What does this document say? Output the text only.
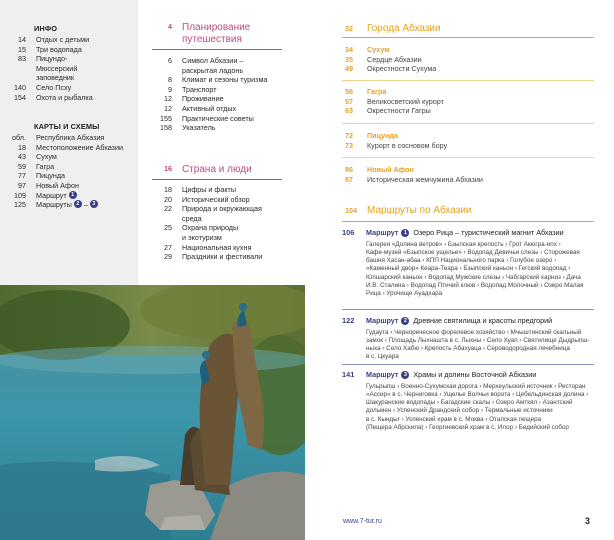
ИНФО
14 Отдых с детьми
15 Три водопада
83 Пицундо-Мюссерский заповедник
140 Село Псху
154 Охота и рыбалка
КАРТЫ И СХЕМЫ
обл. Республика Абхазия
18 Местоположение Абхазии
43 Сухум
59 Гагра
77 Пицунда
97 Новый Афон
109 Маршрут
1
125 Маршруты
2
–
3
4 Планирование
путешествия
6 Символ Абхазии –
раскрытая ладонь
8 Климат и сезоны туризма
9 Транспорт
12 Проживание
12 Активный отдых
155 Практические советы
158 Указатель
16 Страна и люди
18 Цифры и факты
20 Исторический обзор
22 Природа и окружающая
среда
25 Охрана природы
и экотуризм
27 Национальная кухня
29 Праздники и фестивали
32 Города Абхазии
34 Сухум
35 Сердце Абхазии
49 Окрестности Сухума
56 Гагра
57 Великосветский курорт
63 Окрестности Гагры
72 Пицунда
73 Курорт в сосновом бору
86 Новый Афон
87 Историческая жемчужина Абхазии
104 Маршруты по Абхазии
106	Маршрут 1 Озеро Рица – туристический магнит Абхазии
Галерея «Долина ветров» › Бзыпская крепость › Грот Акюгра-ипх ›
Кафе-музей «Бзыпское ущелье» › Водопад Девичьи слезы › Сторожевая
башня Хасан-абаа › КПП Национального парка › Голубое озеро ›
«Каменный двор» Кеара-Теара › Бзыпский каньон › Гегский водопад ›
Юпшарский каньон › Водопад Мужские слезы › Чабгарский карниз › Дача
И.В. Сталина › Водопад Птичий клюв › Водопад Молочный › Озеро Малая
Рица › Урочище Ауадхара
122	Маршрут 2 Древние святилища и красоты предгорий
Гудаута › Черноречесное форелевое хозяйство › Мчыштинский скальный
замок › Площадь Лыхнашта в с. Лыхны › Село Хуап › Святилище Дыдрыпш-
ныха › Село Хабю › Крепость Абахуаца › Сероводородная лечебница
в с. Цкуара
141	Маршрут 3 Храмы и долины Восточной Абхазии
Гульрыпш › Военно-Сухумская дорога › Мерхеульский источник › Ресторан
«Ассир» в с. Черниговка › Ущелье Волчьи ворота › Цебельдинская долина ›
Шакуранские водопады › Багадские скалы › Озеро Амткял › Азантский
дольмен › Успенский Драндский собор › Термальные источники
в с. Кындыг › Успенский храм в с. Моква › Отапская пещера
(Пещера Абрскила) › Георгиевский храм в с. Илор › Бедийский собор
www.7-tur.ru	3
